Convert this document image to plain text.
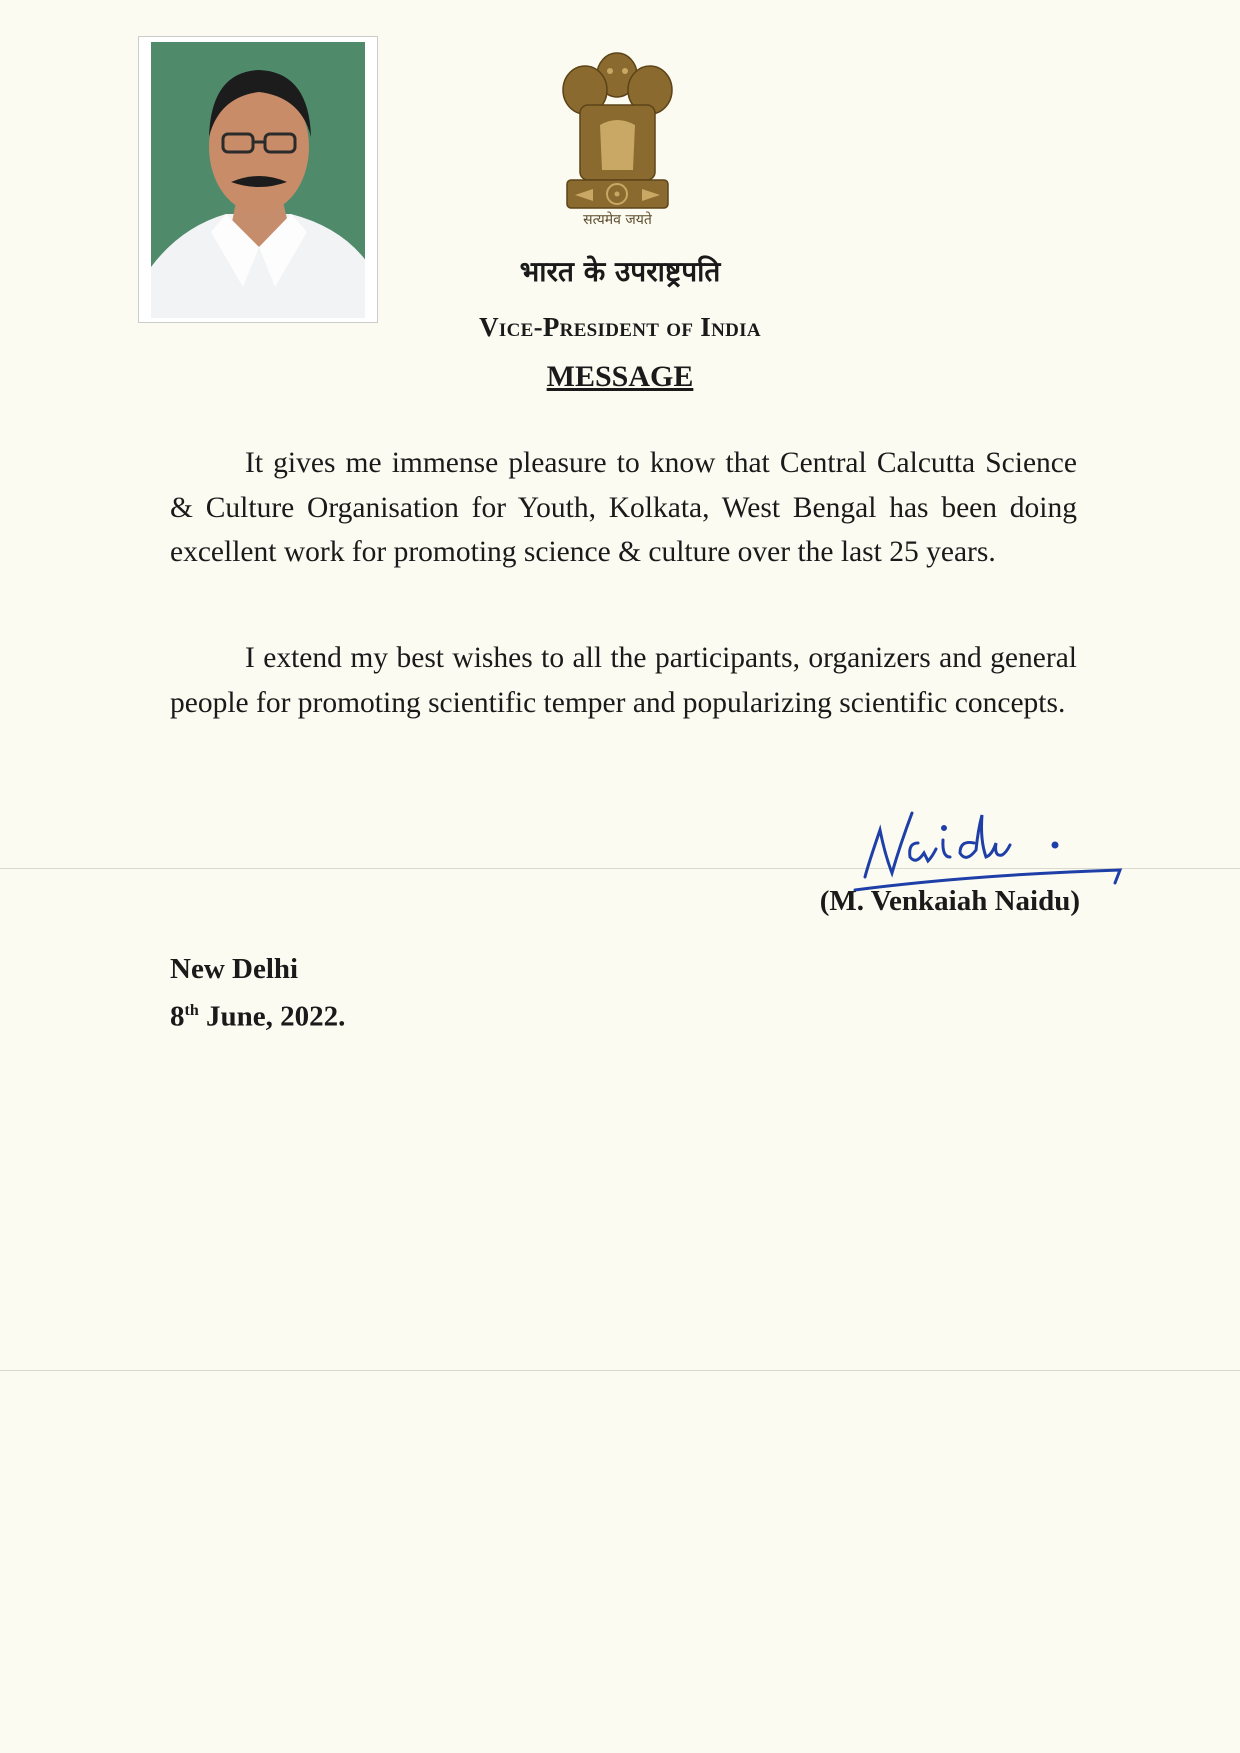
सत्यमेव जयते
भारत के उपराष्ट्रपति
Vice-President of India
MESSAGE

It gives me immense pleasure to know that Central Calcutta Science & Culture Organisation for Youth, Kolkata, West Bengal has been doing excellent work for promoting science & culture over the last 25 years.

I extend my best wishes to all the participants, organizers and general people for promoting scientific temper and popularizing scientific concepts.

(M. Venkaiah Naidu)
New Delhi
8th June, 2022.
